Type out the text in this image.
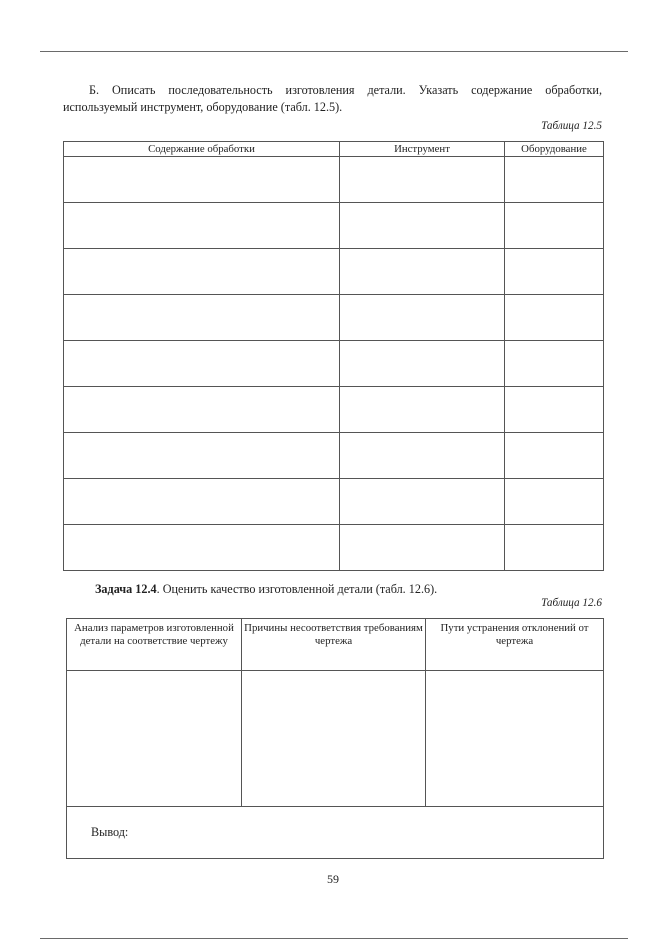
Б. Описать последовательность изготовления детали. Указать содержание обработки, используемый инструмент, оборудование (табл. 12.5).

Таблица 12.5

Содержание обработки	Инструмент	Оборудование

Задача 12.4. Оценить качество изготовленной детали (табл. 12.6).

Таблица 12.6

Анализ параметров изготовленной детали на соответствие чертежу	Причины несоответствия требованиям чертежа	Пути устранения отклонений от чертежа

Вывод:		

59
